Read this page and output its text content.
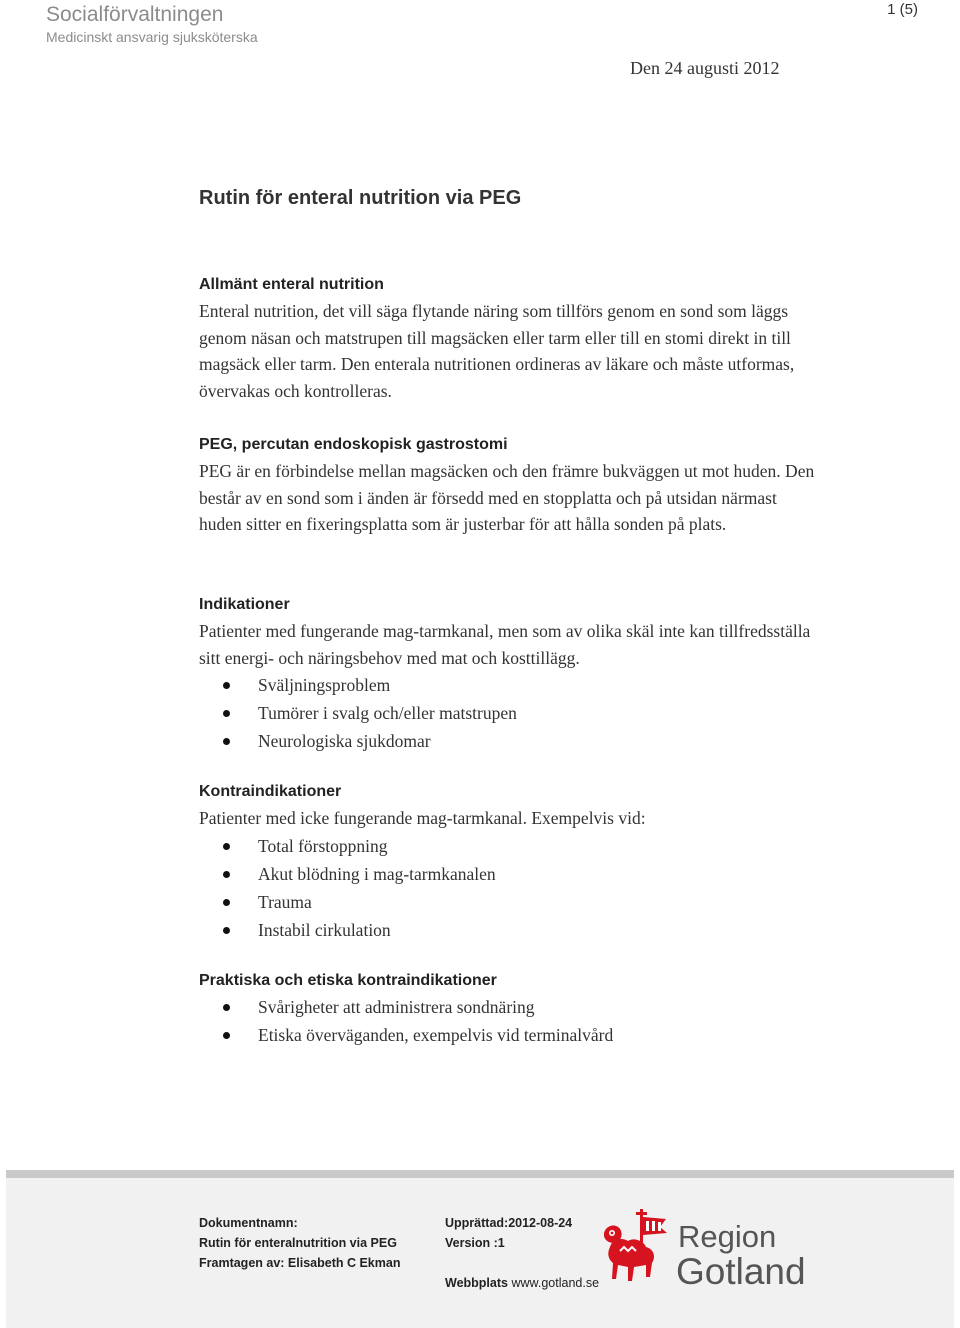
Socialförvaltningen
Medicinskt ansvarig sjuksköterska
1 (5)
Den 24 augusti 2012
Rutin för enteral nutrition via PEG
Allmänt enteral nutrition

Enteral nutrition, det vill säga flytande näring som tillförs genom en sond som läggs genom näsan och matstrupen till magsäcken eller tarm eller till en stomi direkt in till magsäck eller tarm. Den enterala nutritionen ordineras av läkare och måste utformas, övervakas och kontrolleras.

PEG, percutan endoskopisk gastrostomi

PEG är en förbindelse mellan magsäcken och den främre bukväggen ut mot huden. Den består av en sond som i änden är försedd med en stopplatta och på utsidan närmast huden sitter en fixeringsplatta som är justerbar för att hålla sonden på plats.

Indikationer

Patienter med fungerande mag-tarmkanal, men som av olika skäl inte kan tillfredsställa sitt energi- och näringsbehov med mat och kosttillägg.

Sväljningsproblem
Tumörer i svalg och/eller matstrupen
Neurologiska sjukdomar
Kontraindikationer

Patienter med icke fungerande mag-tarmkanal. Exempelvis vid:

Total förstoppning
Akut blödning i mag-tarmkanalen
Trauma
Instabil cirkulation
Praktiska och etiska kontraindikationer
Svårigheter att administrera sondnäring
Etiska överväganden, exempelvis vid terminalvård
Dokumentnamn:
Rutin för enteralnutrition via PEG
Framtagen av: Elisabeth C Ekman
Upprättad:2012-08-24
Version :1
Webbplats www.gotland.se
Region
Gotland
